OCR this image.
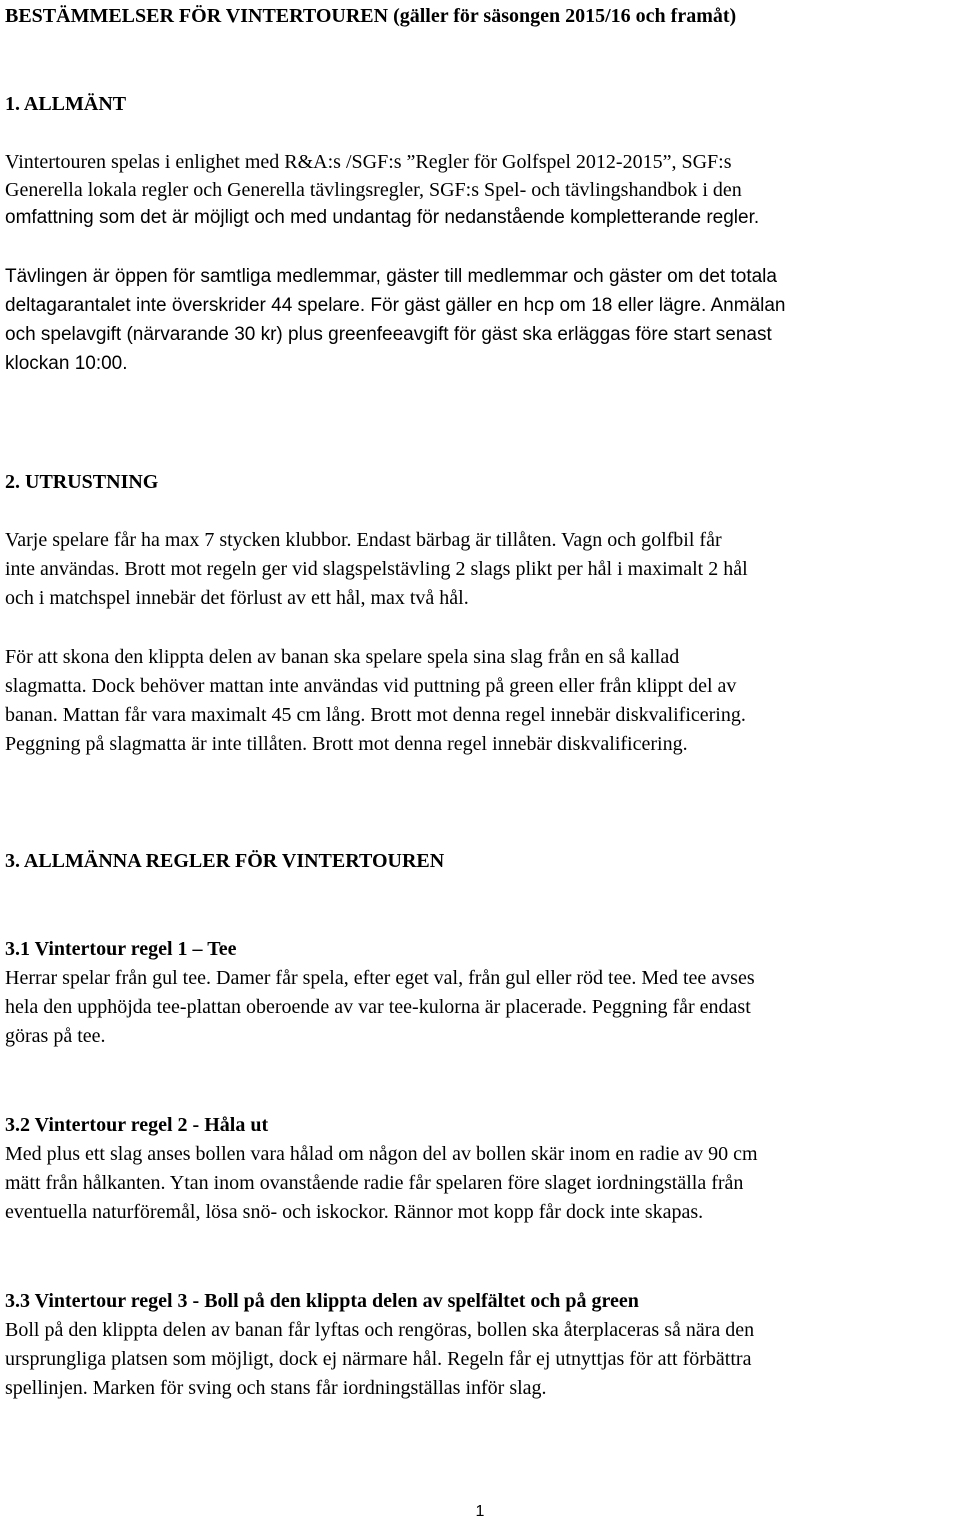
BESTÄMMELSER FÖR VINTERTOUREN (gäller för säsongen 2015/16 och framåt)
1. ALLMÄNT
Vintertouren spelas i enlighet med R&A:s /SGF:s ”Regler för Golfspel 2012-2015”, SGF:s
Generella lokala regler och Generella tävlingsregler, SGF:s Spel- och tävlingshandbok i den
omfattning som det är möjligt och med undantag för nedanstående kompletterande regler.
Tävlingen är öppen för samtliga medlemmar, gäster till medlemmar och gäster om det totala
deltagarantalet inte överskrider 44 spelare. För gäst gäller en hcp om 18 eller lägre. Anmälan
och spelavgift (närvarande 30 kr) plus greenfeeavgift för gäst ska erläggas före start senast
klockan 10:00.
2. UTRUSTNING
Varje spelare får ha max 7 stycken klubbor. Endast bärbag är tillåten. Vagn och golfbil får
inte användas. Brott mot regeln ger vid slagspelstävling 2 slags plikt per hål i maximalt 2 hål
och i matchspel innebär det förlust av ett hål, max två hål.
För att skona den klippta delen av banan ska spelare spela sina slag från en så kallad
slagmatta. Dock behöver mattan inte användas vid puttning på green eller från klippt del av
banan. Mattan får vara maximalt 45 cm lång. Brott mot denna regel innebär diskvalificering.
Peggning på slagmatta är inte tillåten. Brott mot denna regel innebär diskvalificering.
3. ALLMÄNNA REGLER FÖR VINTERTOUREN
3.1 Vintertour regel 1 – Tee
Herrar spelar från gul tee. Damer får spela, efter eget val, från gul eller röd tee. Med tee avses
hela den upphöjda tee-plattan oberoende av var tee-kulorna är placerade. Peggning får endast
göras på tee.
3.2 Vintertour regel 2 - Håla ut
Med plus ett slag anses bollen vara hålad om någon del av bollen skär inom en radie av 90 cm
mätt från hålkanten. Ytan inom ovanstående radie får spelaren före slaget iordningställa från
eventuella naturföremål, lösa snö- och iskockor. Rännor mot kopp får dock inte skapas.
3.3 Vintertour regel 3 - Boll på den klippta delen av spelfältet och på green
Boll på den klippta delen av banan får lyftas och rengöras, bollen ska återplaceras så nära den
ursprungliga platsen som möjligt, dock ej närmare hål. Regeln får ej utnyttjas för att förbättra
spellinjen. Marken för sving och stans får iordningställas inför slag.
1
